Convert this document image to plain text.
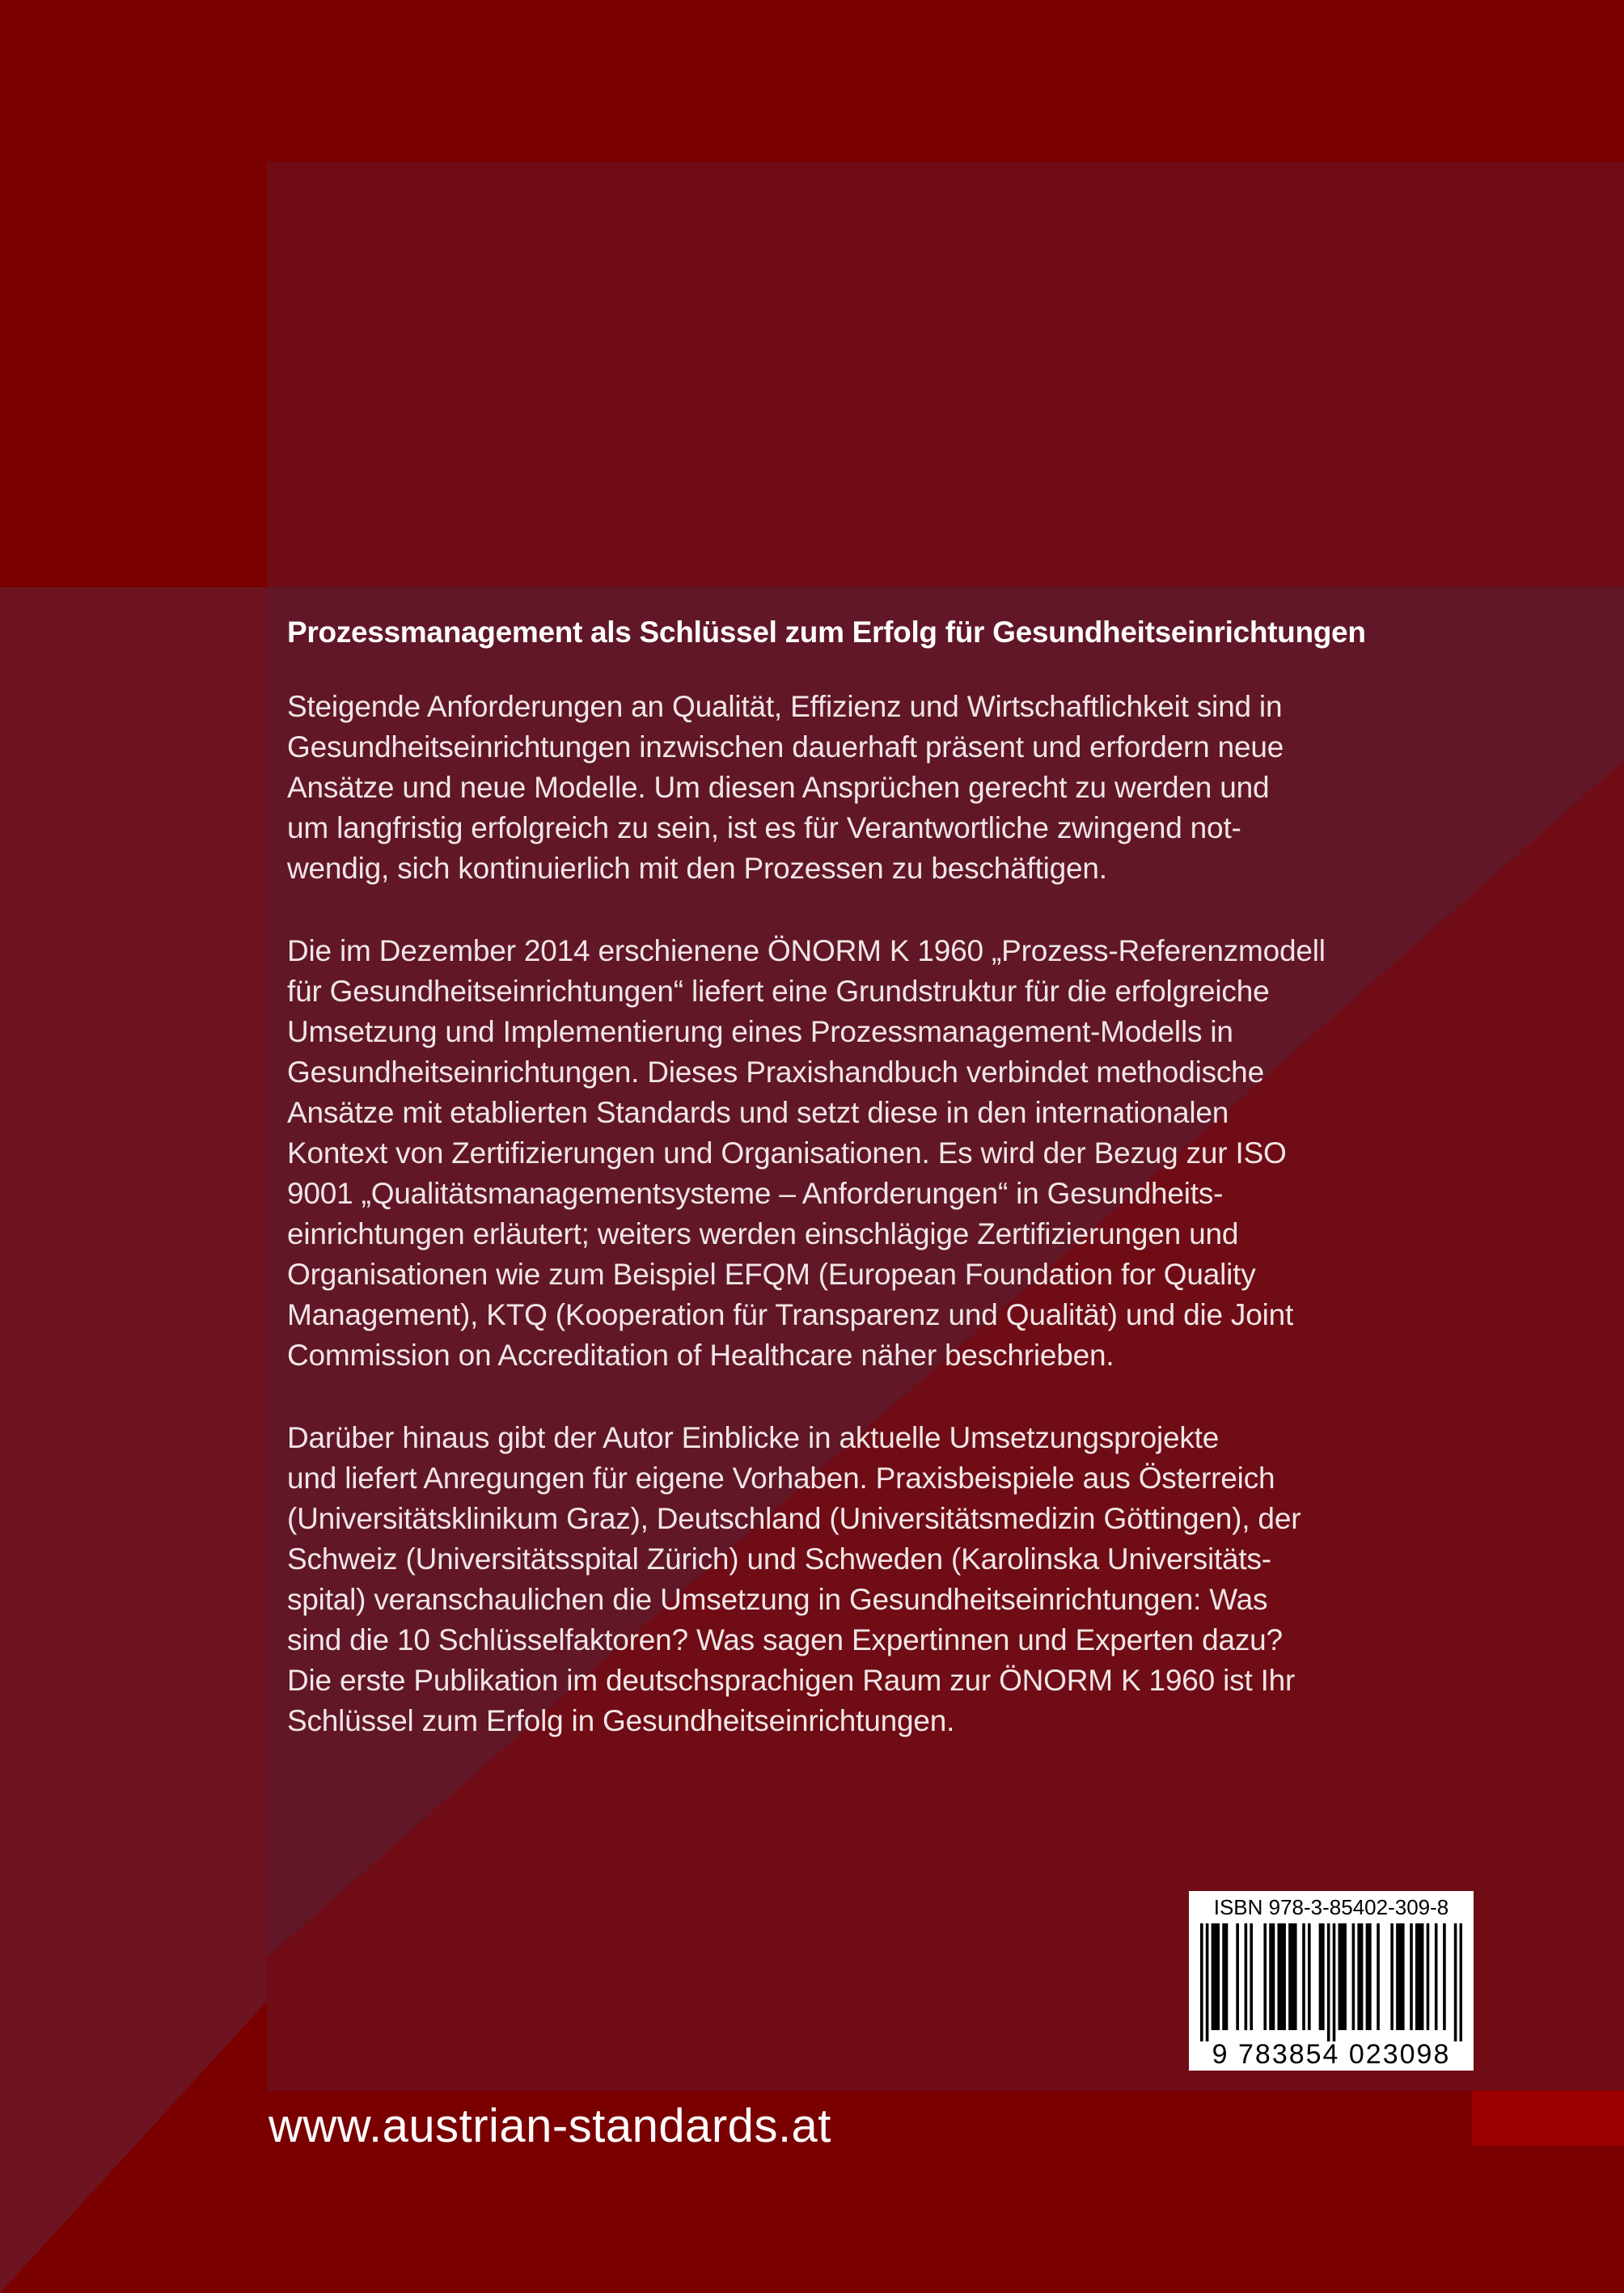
Prozessmanagement als Schlüssel zum Erfolg für Gesundheitseinrichtungen

Steigende Anforderungen an Qualität, Effizienz und Wirtschaftlichkeit sind in
Gesundheitseinrichtungen inzwischen dauerhaft präsent und erfordern neue
Ansätze und neue Modelle. Um diesen Ansprüchen gerecht zu werden und
um langfristig erfolgreich zu sein, ist es für Verantwortliche zwingend not-
wendig, sich kontinuierlich mit den Prozessen zu beschäftigen.

Die im Dezember 2014 erschienene ÖNORM K 1960 „Prozess-Referenzmodell
für Gesundheitseinrichtungen“ liefert eine Grundstruktur für die erfolgreiche
Umsetzung und Implementierung eines Prozessmanagement-Modells in
Gesundheitseinrichtungen. Dieses Praxishandbuch verbindet methodische
Ansätze mit etablierten Standards und setzt diese in den internationalen
Kontext von Zertifizierungen und Organisationen. Es wird der Bezug zur ISO
9001 „Qualitätsmanagementsysteme – Anforderungen“ in Gesundheits-
einrichtungen erläutert; weiters werden einschlägige Zertifizierungen und
Organisationen wie zum Beispiel EFQM (European Foundation for Quality
Management), KTQ (Kooperation für Transparenz und Qualität) und die Joint
Commission on Accreditation of Healthcare näher beschrieben.

Darüber hinaus gibt der Autor Einblicke in aktuelle Umsetzungsprojekte
und liefert Anregungen für eigene Vorhaben. Praxisbeispiele aus Österreich
(Universitätsklinikum Graz), Deutschland (Universitätsmedizin Göttingen), der
Schweiz (Universitätsspital Zürich) und Schweden (Karolinska Universitäts-
spital) veranschaulichen die Umsetzung in Gesundheitseinrichtungen: Was
sind die 10 Schlüsselfaktoren? Was sagen Expertinnen und Experten dazu?
Die erste Publikation im deutschsprachigen Raum zur ÖNORM K 1960 ist Ihr
Schlüssel zum Erfolg in Gesundheitseinrichtungen.

ISBN 978-3-85402-309-8
9 783854 023098
www.austrian-standards.at
